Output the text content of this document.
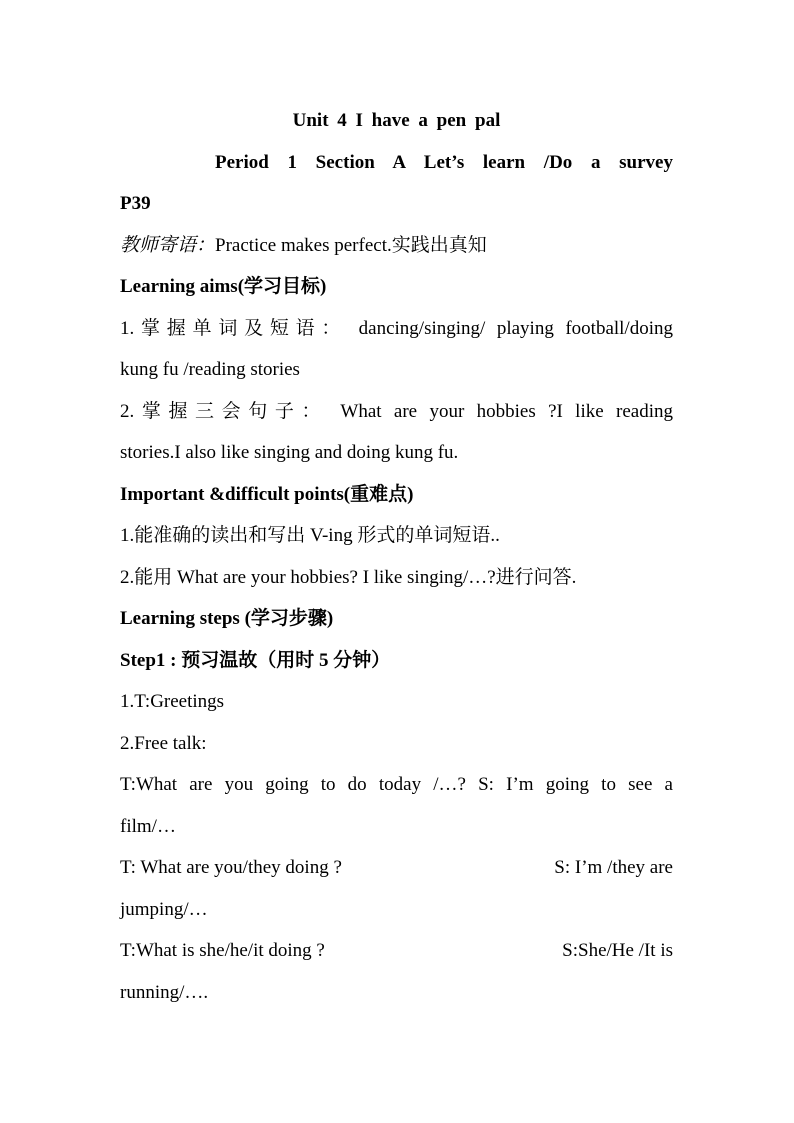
Unit 4 I have a pen pal
Period 1 Section A Let’s learn /Do a survey
P39
教师寄语：Practice makes perfect.实践出真知
Learning aims(学习目标)
1.掌握单词及短语： dancing/singing/ playing football/doing
kung fu /reading stories
2.掌握三会句子： What are your hobbies ?I like reading
stories.I also like singing and doing kung fu.
Important &difficult points(重难点)
1.能准确的读出和写出 V-ing 形式的单词短语..
2.能用 What are your hobbies? I like singing/…?进行问答.
Learning steps (学习步骤)
Step1 : 预习温故（用时 5 分钟）
1.T:Greetings
2.Free talk:
T:What are you going to do today /…? S: I’m going to see a
film/…
T: What are you/they doing ?	S: I’m /they are
jumping/…
T:What is she/he/it doing ?	S:She/He /It is
running/….
